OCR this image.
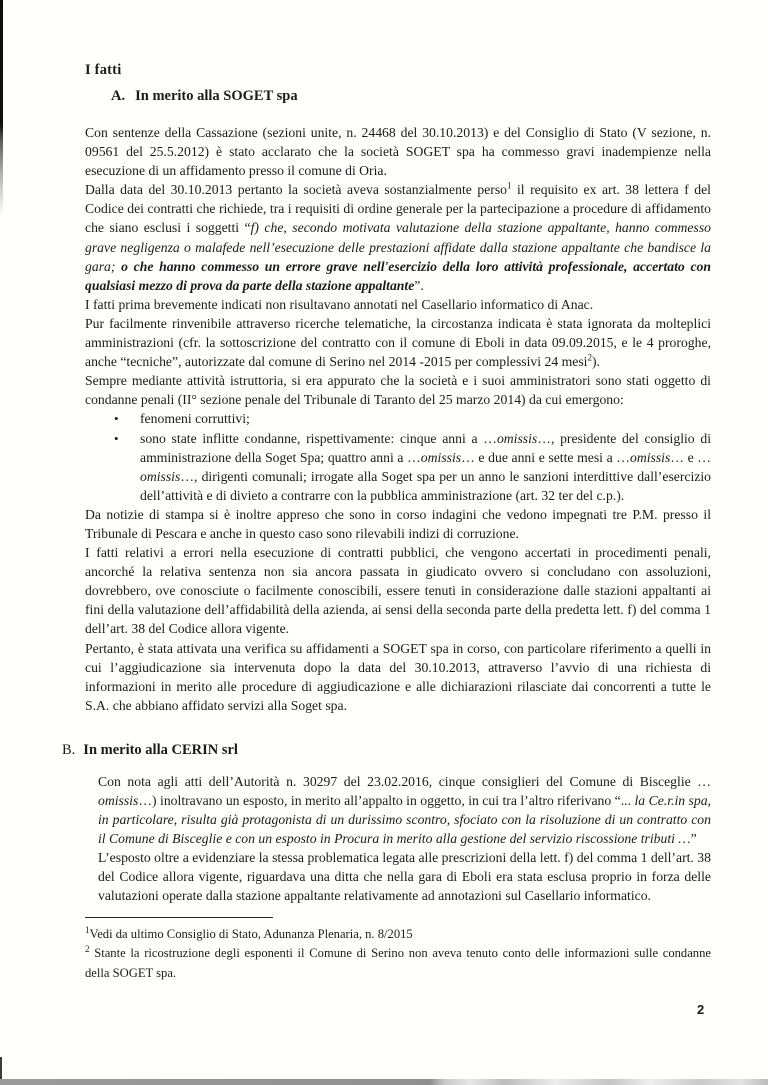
I fatti
A. In merito alla SOGET spa

Con sentenze della Cassazione (sezioni unite, n. 24468 del 30.10.2013) e del Consiglio di Stato (V sezione, n. 09561 del 25.5.2012) è stato acclarato che la società SOGET spa ha commesso gravi inadempienze nella esecuzione di un affidamento presso il comune di Oria.

Dalla data del 30.10.2013 pertanto la società aveva sostanzialmente perso$^1$ il requisito ex art. 38 lettera f del Codice dei contratti che richiede, tra i requisiti di ordine generale per la partecipazione a procedure di affidamento che siano esclusi i soggetti “f) che, secondo motivata valutazione della stazione appaltante, hanno commesso grave negligenza o malafede nell’esecuzione delle prestazioni affidate dalla stazione appaltante che bandisce la gara; o che hanno commesso un errore grave nell'esercizio della loro attività professionale, accertato con qualsiasi mezzo di prova da parte della stazione appaltante”.

I fatti prima brevemente indicati non risultavano annotati nel Casellario informatico di Anac.

Pur facilmente rinvenibile attraverso ricerche telematiche, la circostanza indicata è stata ignorata da molteplici amministrazioni (cfr. la sottoscrizione del contratto con il comune di Eboli in data 09.09.2015, e le 4 proroghe, anche “tecniche”, autorizzate dal comune di Serino nel 2014 -2015 per complessivi 24 mesi$^2$).

Sempre mediante attività istruttoria, si era appurato che la società e i suoi amministratori sono stati oggetto di condanne penali (II° sezione penale del Tribunale di Taranto del 25 marzo 2014) da cui emergono:

• fenomeni corruttivi;
• sono state inflitte condanne, rispettivamente: cinque anni a …omissis…, presidente del consiglio di amministrazione della Soget Spa; quattro anni a …omissis… e due anni e sette mesi a …omissis… e …omissis…, dirigenti comunali; irrogate alla Soget spa per un anno le sanzioni interdittive dall’esercizio dell’attività e di divieto a contrarre con la pubblica amministrazione (art. 32 ter del c.p.).

Da notizie di stampa si è inoltre appreso che sono in corso indagini che vedono impegnati tre P.M. presso il Tribunale di Pescara e anche in questo caso sono rilevabili indizi di corruzione.

I fatti relativi a errori nella esecuzione di contratti pubblici, che vengono accertati in procedimenti penali, ancorché la relativa sentenza non sia ancora passata in giudicato ovvero si concludano con assoluzioni, dovrebbero, ove conosciute o facilmente conoscibili, essere tenuti in considerazione dalle stazioni appaltanti ai fini della valutazione dell’affidabilità della azienda, ai sensi della seconda parte della predetta lett. f) del comma 1 dell’art. 38 del Codice allora vigente.

Pertanto, è stata attivata una verifica su affidamenti a SOGET spa in corso, con particolare riferimento a quelli in cui l’aggiudicazione sia intervenuta dopo la data del 30.10.2013, attraverso l’avvio di una richiesta di informazioni in merito alle procedure di aggiudicazione e alle dichiarazioni rilasciate dai concorrenti a tutte le S.A. che abbiano affidato servizi alla Soget spa.

B. In merito alla CERIN srl

Con nota agli atti dell’Autorità n. 30297 del 23.02.2016, cinque consiglieri del Comune di Bisceglie …omissis…) inoltravano un esposto, in merito all’appalto in oggetto, in cui tra l’altro riferivano “... la Ce.r.in spa, in particolare, risulta già protagonista di un durissimo scontro, sfociato con la risoluzione di un contratto con il Comune di Bisceglie e con un esposto in Procura in merito alla gestione del servizio riscossione tributi …”

L’esposto oltre a evidenziare la stessa problematica legata alle prescrizioni della lett. f) del comma 1 dell’art. 38 del Codice allora vigente, riguardava una ditta che nella gara di Eboli era stata esclusa proprio in forza delle valutazioni operate dalla stazione appaltante relativamente ad annotazioni sul Casellario informatico.

$^1$Vedi da ultimo Consiglio di Stato, Adunanza Plenaria, n. 8/2015

$^2$ Stante la ricostruzione degli esponenti il Comune di Serino non aveva tenuto conto delle informazioni sulle condanne della SOGET spa.

2
